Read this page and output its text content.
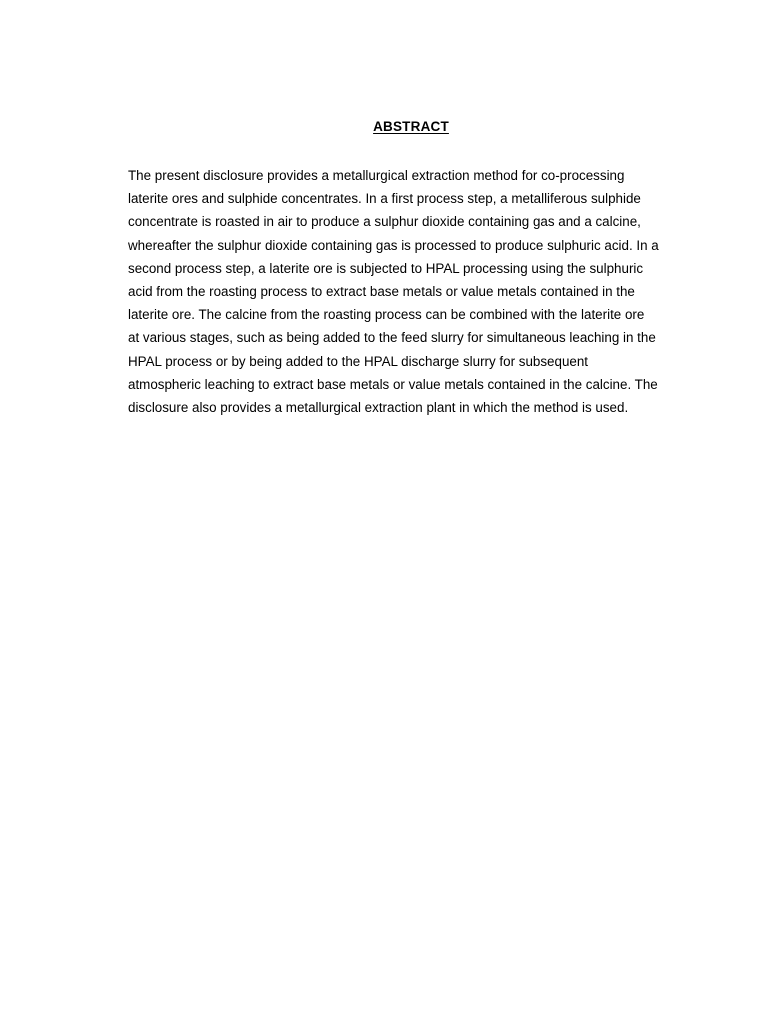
ABSTRACT
The present disclosure provides a metallurgical extraction method for co-processing
laterite ores and sulphide concentrates. In a first process step, a metalliferous sulphide
concentrate is roasted in air to produce a sulphur dioxide containing gas and a calcine,
whereafter the sulphur dioxide containing gas is processed to produce sulphuric acid. In a
second process step, a laterite ore is subjected to HPAL processing using the sulphuric
acid from the roasting process to extract base metals or value metals contained in the
laterite ore. The calcine from the roasting process can be combined with the laterite ore
at various stages, such as being added to the feed slurry for simultaneous leaching in the
HPAL process or by being added to the HPAL discharge slurry for subsequent
atmospheric leaching to extract base metals or value metals contained in the calcine. The
disclosure also provides a metallurgical extraction plant in which the method is used.
